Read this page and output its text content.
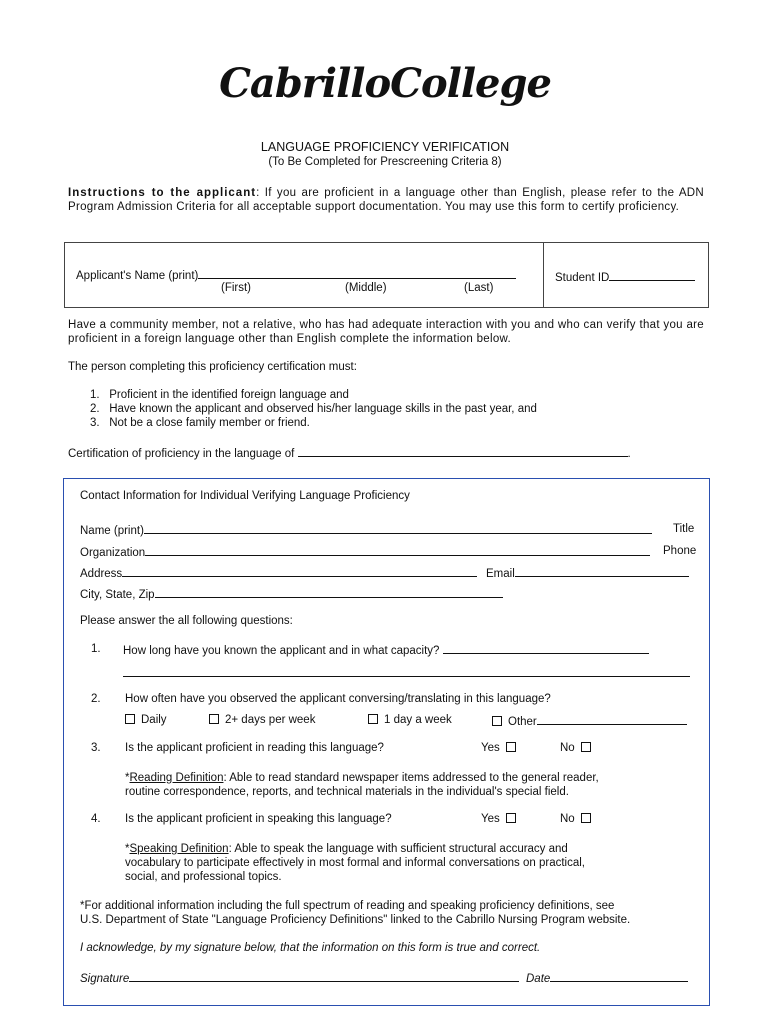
CabrilloCollege
LANGUAGE PROFICIENCY VERIFICATION
(To Be Completed for Prescreening Criteria 8)
Instructions to the applicant: If you are proficient in a language other than English, please refer to the ADN Program Admission Criteria for all acceptable support documentation. You may use this form to certify proficiency.
Applicant's Name (print)
(First)	(Middle)	(Last)
Student ID
Have a community member, not a relative, who has had adequate interaction with you and who can verify that you are proficient in a foreign language other than English complete the information below.
The person completing this proficiency certification must:
1. Proficient in the identified foreign language and
2. Have known the applicant and observed his/her language skills in the past year, and
3. Not be a close family member or friend.
Certification of proficiency in the language of	.
Contact Information for Individual Verifying Language Proficiency
Name (print)	Title
Organization	Phone
Address	Email
City, State, Zip
Please answer the all following questions:
1. How long have you known the applicant and in what capacity?
2. How often have you observed the applicant conversing/translating in this language?
Daily	2+ days per week	1 day a week	Other
3. Is the applicant proficient in reading this language?	Yes	No
*Reading Definition: Able to read standard newspaper items addressed to the general reader,
routine correspondence, reports, and technical materials in the individual's special field.
4. Is the applicant proficient in speaking this language?	Yes	No
*Speaking Definition: Able to speak the language with sufficient structural accuracy and
vocabulary to participate effectively in most formal and informal conversations on practical,
social, and professional topics.
*For additional information including the full spectrum of reading and speaking proficiency definitions, see
U.S. Department of State "Language Proficiency Definitions" linked to the Cabrillo Nursing Program website.
I acknowledge, by my signature below, that the information on this form is true and correct.
Signature	Date
